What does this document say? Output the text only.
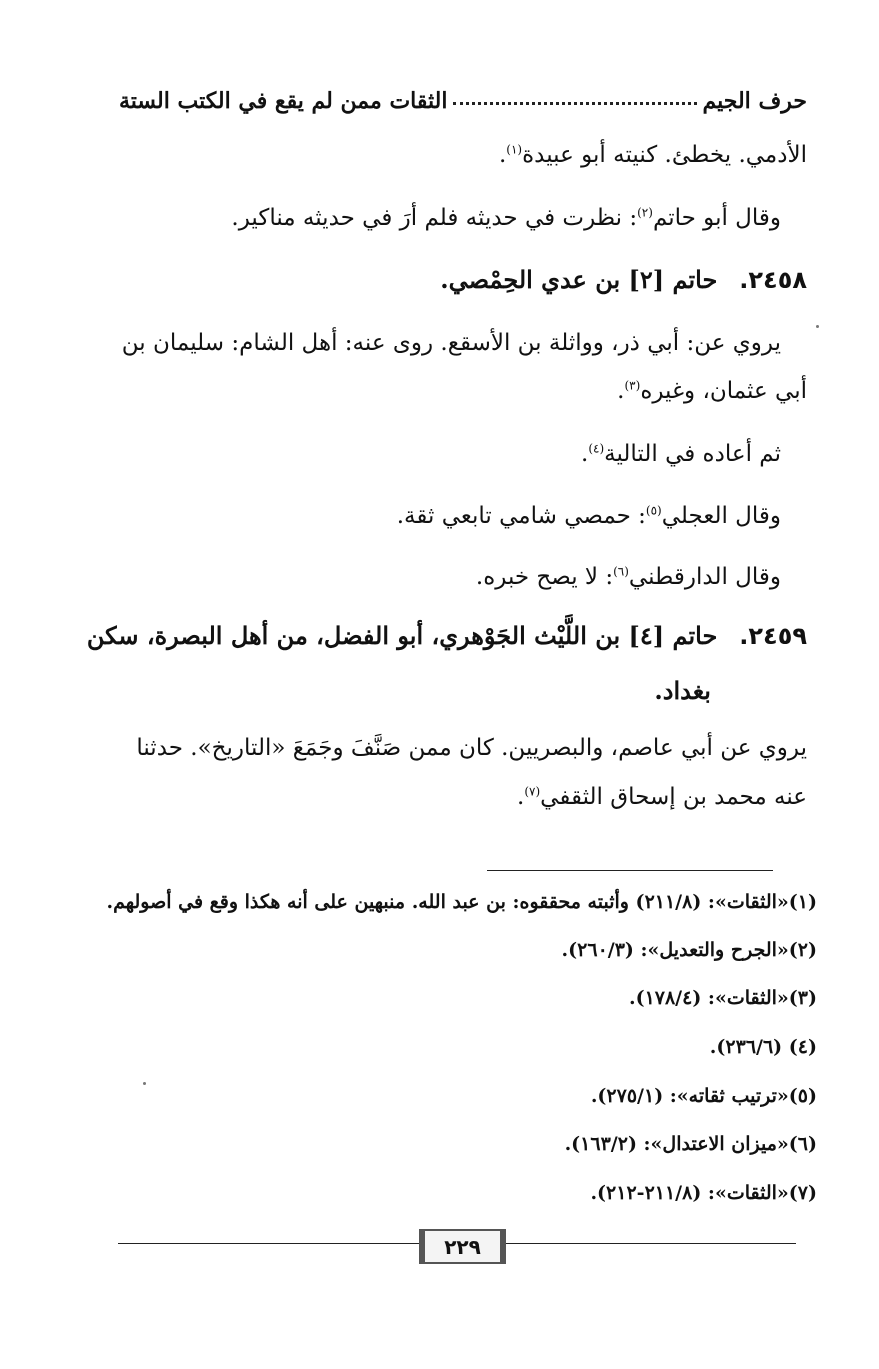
حرف الجيم
الثقات ممن لم يقع في الكتب الستة
الأدمي. يخطئ. كنيته أبو عبيدة$^{(١)}$.
وقال أبو حاتم$^{(٢)}$: نظرت في حديثه فلم أرَ في حديثه مناكير.
٢٤٥٨.حاتم [٢] بن عدي الحِمْصي.
يروي عن: أبي ذر، وواثلة بن الأسقع. روى عنه: أهل الشام: سليمان بن
أبي عثمان، وغيره$^{(٣)}$.
ثم أعاده في التالية$^{(٤)}$.
وقال العجلي$^{(٥)}$: حمصي شامي تابعي ثقة.
وقال الدارقطني$^{(٦)}$: لا يصح خبره.
٢٤٥٩.حاتم [٤] بن اللَّيْث الجَوْهري، أبو الفضل، من أهل البصرة، سكن
بغداد.
يروي عن أبي عاصم، والبصريين. كان ممن صَنَّفَ وجَمَعَ «التاريخ». حدثنا
عنه محمد بن إسحاق الثقفي$^{(٧)}$.
(١)«الثقات»: (٢١١/٨) وأثبته محققوه: بن عبد الله. منبهين على أنه هكذا وقع في أصولهم.
(٢)«الجرح والتعديل»: (٢٦٠/٣).
(٣)«الثقات»: (١٧٨/٤).
(٤) (٢٣٦/٦).
(٥)«ترتيب ثقاته»: (٢٧٥/١).
(٦)«ميزان الاعتدال»: (١٦٣/٢).
(٧)«الثقات»: (٢١١/٨-٢١٢).
٢٢٩
